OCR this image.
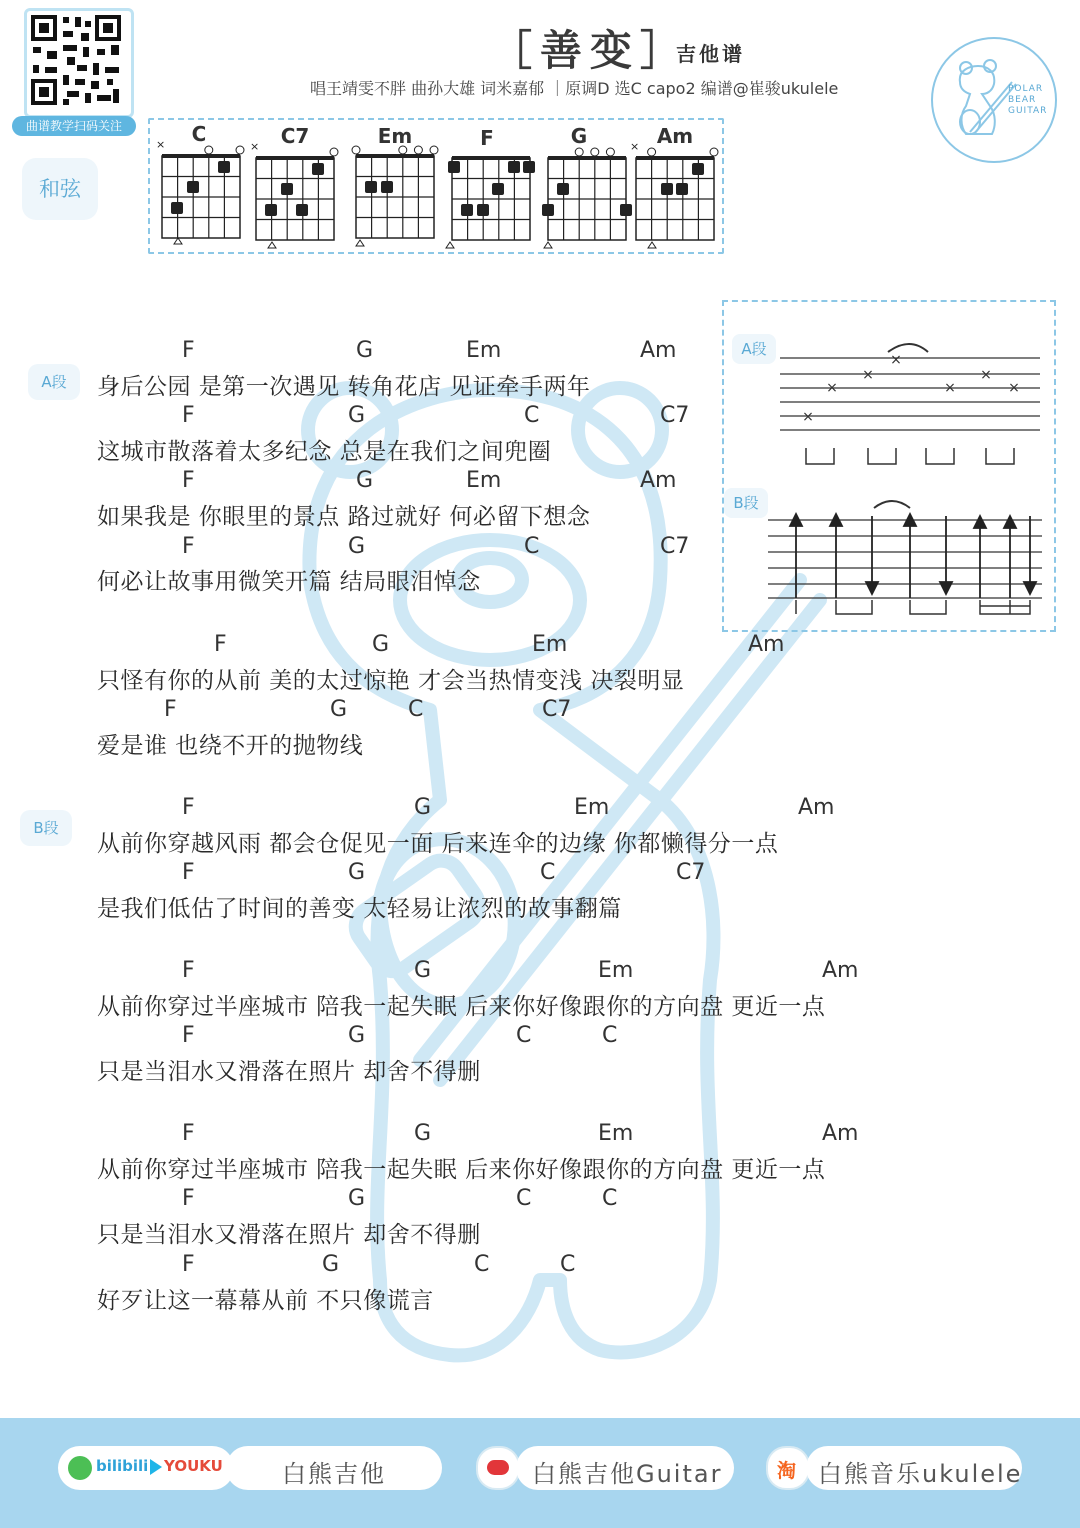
曲谱教学扫码关注
［善变］
吉他谱
唱王靖雯不胖 曲孙大雄 词米嘉郁 ｜原调D 选C capo2 编谱@崔骏ukulele	POLAR
BEAR
GUITAR
和弦
C	C7	Em	F	G	Am
×	×	×
A段
B段
F	G	Em	Am
身后公园 是第一次遇见 转角花店 见证牵手两年
F	G	C	C7
这城市散落着太多纪念 总是在我们之间兜圈
F	G	Em	Am
如果我是 你眼里的景点 路过就好 何必留下想念
F	G	C	C7
何必让故事用微笑开篇 结局眼泪悼念
F	G	Em	Am
只怪有你的从前 美的太过惊艳 才会当热情变浅 决裂明显
F	G	C	C7
爱是谁 也绕不开的抛物线
F	G	Em	Am
从前你穿越风雨 都会仓促见一面 后来连伞的边缘 你都懒得分一点
F	G	C	C7
是我们低估了时间的善变 太轻易让浓烈的故事翻篇
F	G	Em	Am
从前你穿过半座城市 陪我一起失眠 后来你好像跟你的方向盘 更近一点
F	G	C	C
只是当泪水又滑落在照片 却舍不得删
F	G	Em	Am
从前你穿过半座城市 陪我一起失眠 后来你好像跟你的方向盘 更近一点
F	G	C	C
只是当泪水又滑落在照片 却舍不得删
F	G	C	C
好歹让这一幕幕从前 不只像谎言
A段
B段
×
×
×
×
×
×
×
bilibili YOUKU 白熊吉他	白熊吉他Guitar	淘 白熊音乐ukulele
